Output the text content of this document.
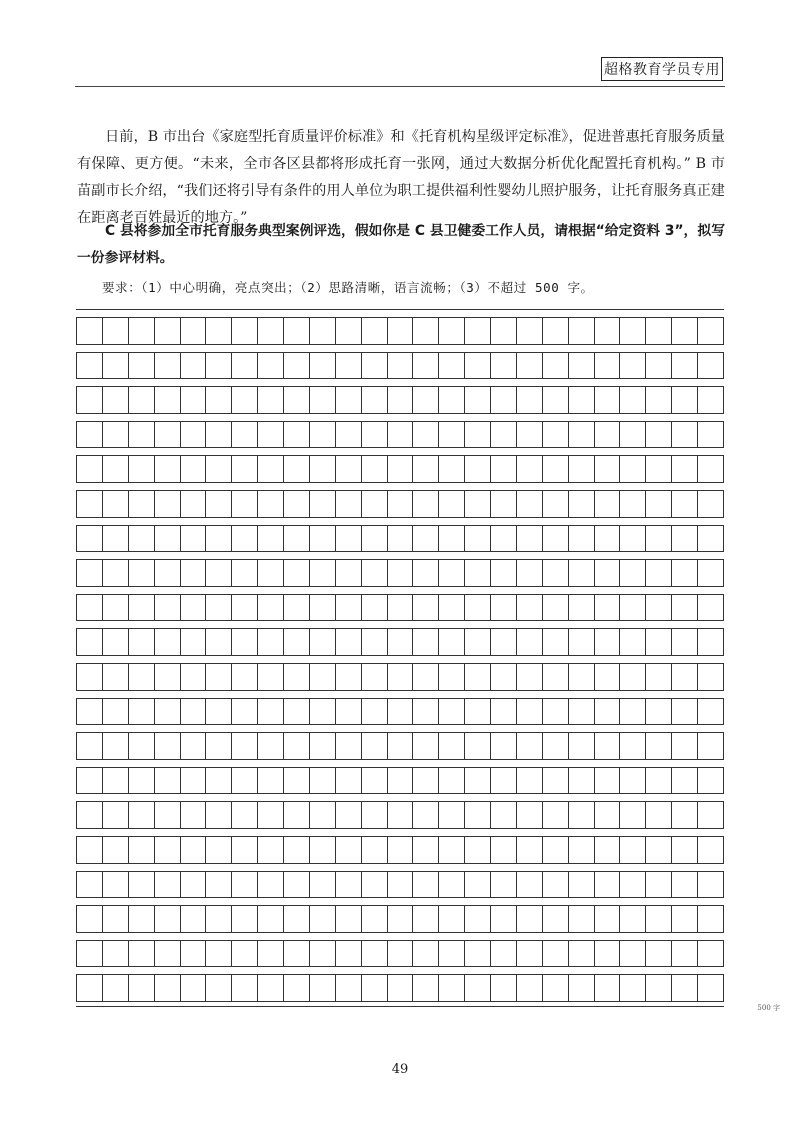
超格教育学员专用

日前，B 市出台《家庭型托育质量评价标准》和《托育机构星级评定标准》，促进普惠托育服务质量有保障、更方便。“未来，全市各区县都将形成托育一张网，通过大数据分析优化配置托育机构。” B 市苗副市长介绍，“我们还将引导有条件的用人单位为职工提供福利性婴幼儿照护服务，让托育服务真正建在距离老百姓最近的地方。”

C 县将参加全市托育服务典型案例评选，假如你是 C 县卫健委工作人员，请根据“给定资料 3”，拟写一份参评材料。

要求：（1）中心明确，亮点突出；（2）思路清晰，语言流畅；（3）不超过 500 字。

500 字
49
